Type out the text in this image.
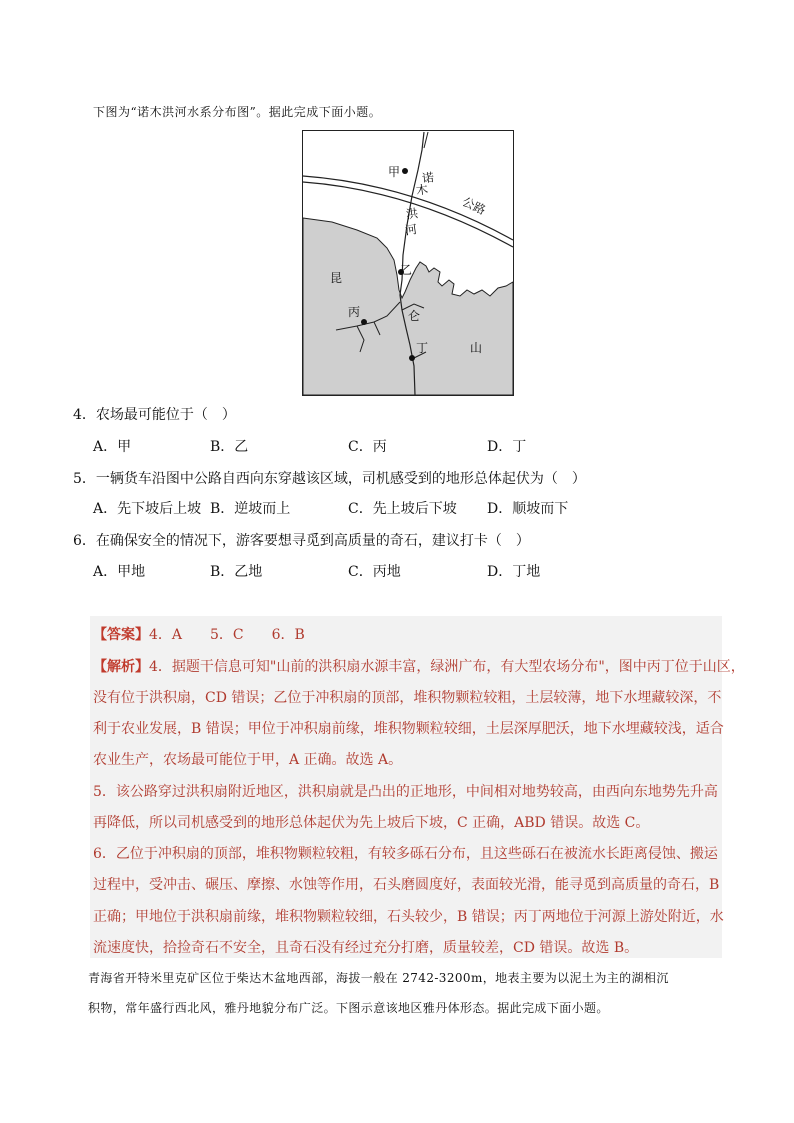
下图为“诺木洪河水系分布图”。据此完成下面小题。
甲
乙
丙
丁
诺
木
洪
河
公路
昆
仑
山
4．农场最可能位于（　）
A．甲	B．乙	C．丙	D．丁
5．一辆货车沿图中公路自西向东穿越该区域，司机感受到的地形总体起伏为（　）
A．先下坡后上坡 B．逆坡而上	C．先上坡后下坡 D．顺坡而下
6．在确保安全的情况下，游客要想寻觅到高质量的奇石，建议打卡（　）
A．甲地	B．乙地	C．丙地	D．丁地
【答案】4．A　　5．C　　6．B
【解析】4．据题干信息可知"山前的洪积扇水源丰富，绿洲广布，有大型农场分布"，图中丙丁位于山区，
没有位于洪积扇，CD 错误；乙位于冲积扇的顶部，堆积物颗粒较粗，土层较薄，地下水埋藏较深，不
利于农业发展，B 错误；甲位于冲积扇前缘，堆积物颗粒较细，土层深厚肥沃，地下水埋藏较浅，适合
农业生产，农场最可能位于甲，A 正确。故选 A。
5．该公路穿过洪积扇附近地区，洪积扇就是凸出的正地形，中间相对地势较高，由西向东地势先升高
再降低，所以司机感受到的地形总体起伏为先上坡后下坡，C 正确，ABD 错误。故选 C。
6．乙位于冲积扇的顶部，堆积物颗粒较粗，有较多砾石分布，且这些砾石在被流水长距离侵蚀、搬运
过程中，受冲击、碾压、摩擦、水蚀等作用，石头磨圆度好，表面较光滑，能寻觅到高质量的奇石，B
正确；甲地位于洪积扇前缘，堆积物颗粒较细，石头较少，B 错误；丙丁两地位于河源上游处附近，水
流速度快，拾捡奇石不安全，且奇石没有经过充分打磨，质量较差，CD 错误。故选 B。
青海省开特米里克矿区位于柴达木盆地西部，海拔一般在 2742-3200m，地表主要为以泥土为主的湖相沉
积物，常年盛行西北风，雅丹地貌分布广泛。下图示意该地区雅丹体形态。据此完成下面小题。
